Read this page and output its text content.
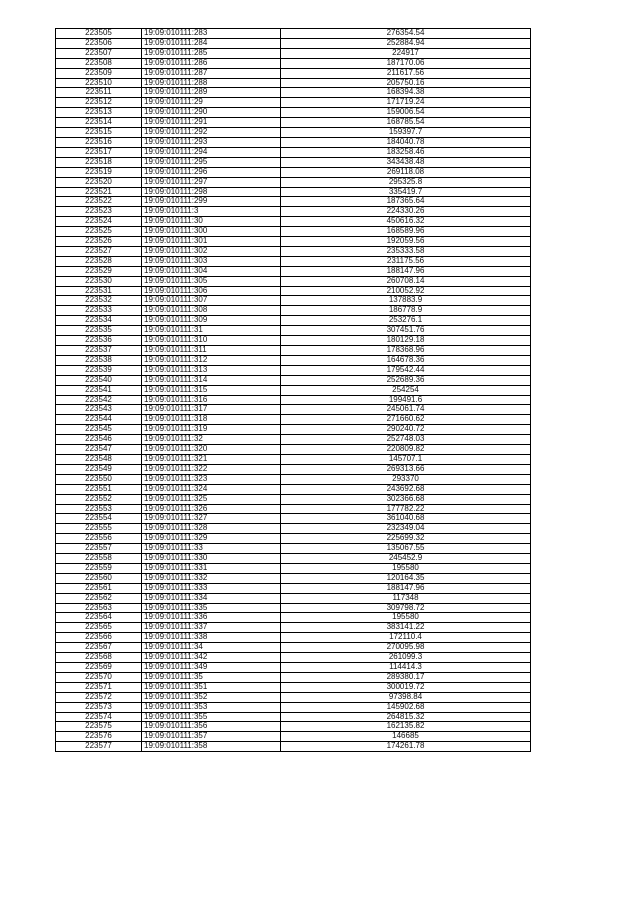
223505	19:09:010111:283	276354.54
223506	19:09:010111:284	252884.94
223507	19:09:010111:285	224917
223508	19:09:010111:286	187170.06
223509	19:09:010111:287	211617.56
223510	19:09:010111:288	205750.16
223511	19:09:010111:289	168394.38
223512	19:09:010111:29	171719.24
223513	19:09:010111:290	159006.54
223514	19:09:010111:291	168785.54
223515	19:09:010111:292	159397.7
223516	19:09:010111:293	184040.78
223517	19:09:010111:294	183258.46
223518	19:09:010111:295	343438.48
223519	19:09:010111:296	269118.08
223520	19:09:010111:297	295325.8
223521	19:09:010111:298	335419.7
223522	19:09:010111:299	187365.64
223523	19:09:010111:3	224330.26
223524	19:09:010111:30	450616.32
223525	19:09:010111:300	168589.96
223526	19:09:010111:301	192059.56
223527	19:09:010111:302	235333.58
223528	19:09:010111:303	231175.56
223529	19:09:010111:304	188147.96
223530	19:09:010111:305	260708.14
223531	19:09:010111:306	210052.92
223532	19:09:010111:307	137883.9
223533	19:09:010111:308	186778.9
223534	19:09:010111:309	253276.1
223535	19:09:010111:31	307451.76
223536	19:09:010111:310	180129.18
223537	19:09:010111:311	178368.96
223538	19:09:010111:312	164678.36
223539	19:09:010111:313	179542.44
223540	19:09:010111:314	252689.36
223541	19:09:010111:315	254254
223542	19:09:010111:316	199491.6
223543	19:09:010111:317	245061.74
223544	19:09:010111:318	271660.62
223545	19:09:010111:319	290240.72
223546	19:09:010111:32	252748.03
223547	19:09:010111:320	220809.82
223548	19:09:010111:321	145707.1
223549	19:09:010111:322	269313.66
223550	19:09:010111:323	293370
223551	19:09:010111:324	243692.68
223552	19:09:010111:325	302366.68
223553	19:09:010111:326	177782.22
223554	19:09:010111:327	361040.68
223555	19:09:010111:328	232349.04
223556	19:09:010111:329	225699.32
223557	19:09:010111:33	135067.55
223558	19:09:010111:330	245452.9
223559	19:09:010111:331	195580
223560	19:09:010111:332	120164.35
223561	19:09:010111:333	188147.96
223562	19:09:010111:334	117348
223563	19:09:010111:335	309798.72
223564	19:09:010111:336	195580
223565	19:09:010111:337	383141.22
223566	19:09:010111:338	172110.4
223567	19:09:010111:34	270095.98
223568	19:09:010111:342	261099.3
223569	19:09:010111:349	114414.3
223570	19:09:010111:35	289380.17
223571	19:09:010111:351	300019.72
223572	19:09:010111:352	97398.84
223573	19:09:010111:353	145902.68
223574	19:09:010111:355	264815.32
223575	19:09:010111:356	162135.82
223576	19:09:010111:357	146685
223577	19:09:010111:358	174261.78
